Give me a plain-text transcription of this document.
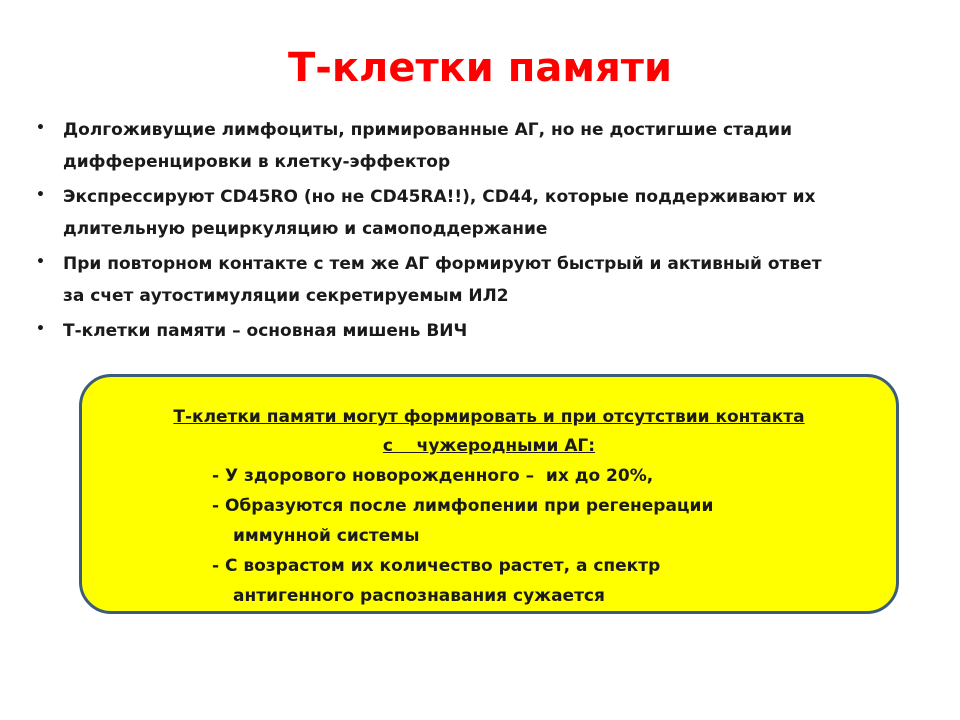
Т-клетки памяти
• Долгоживущие лимфоциты, примированные АГ, но не достигшие стадии
дифференцировки в клетку-эффектор
• Экспрессируют CD45RO (но не CD45RA!!), CD44, которые поддерживают их
длительную рециркуляцию и самоподдержание
• При повторном контакте с тем же АГ формируют быстрый и активный ответ
за счет аутостимуляции секретируемым ИЛ2
• Т-клетки памяти – основная мишень ВИЧ
Т-клетки памяти могут формировать и при отсутствии контакта
с    чужеродными АГ:
- У здорового новорожденного –  их до 20%,
- Образуются после лимфопении при регенерации
иммунной системы
- С возрастом их количество растет, а спектр
антигенного распознавания сужается
